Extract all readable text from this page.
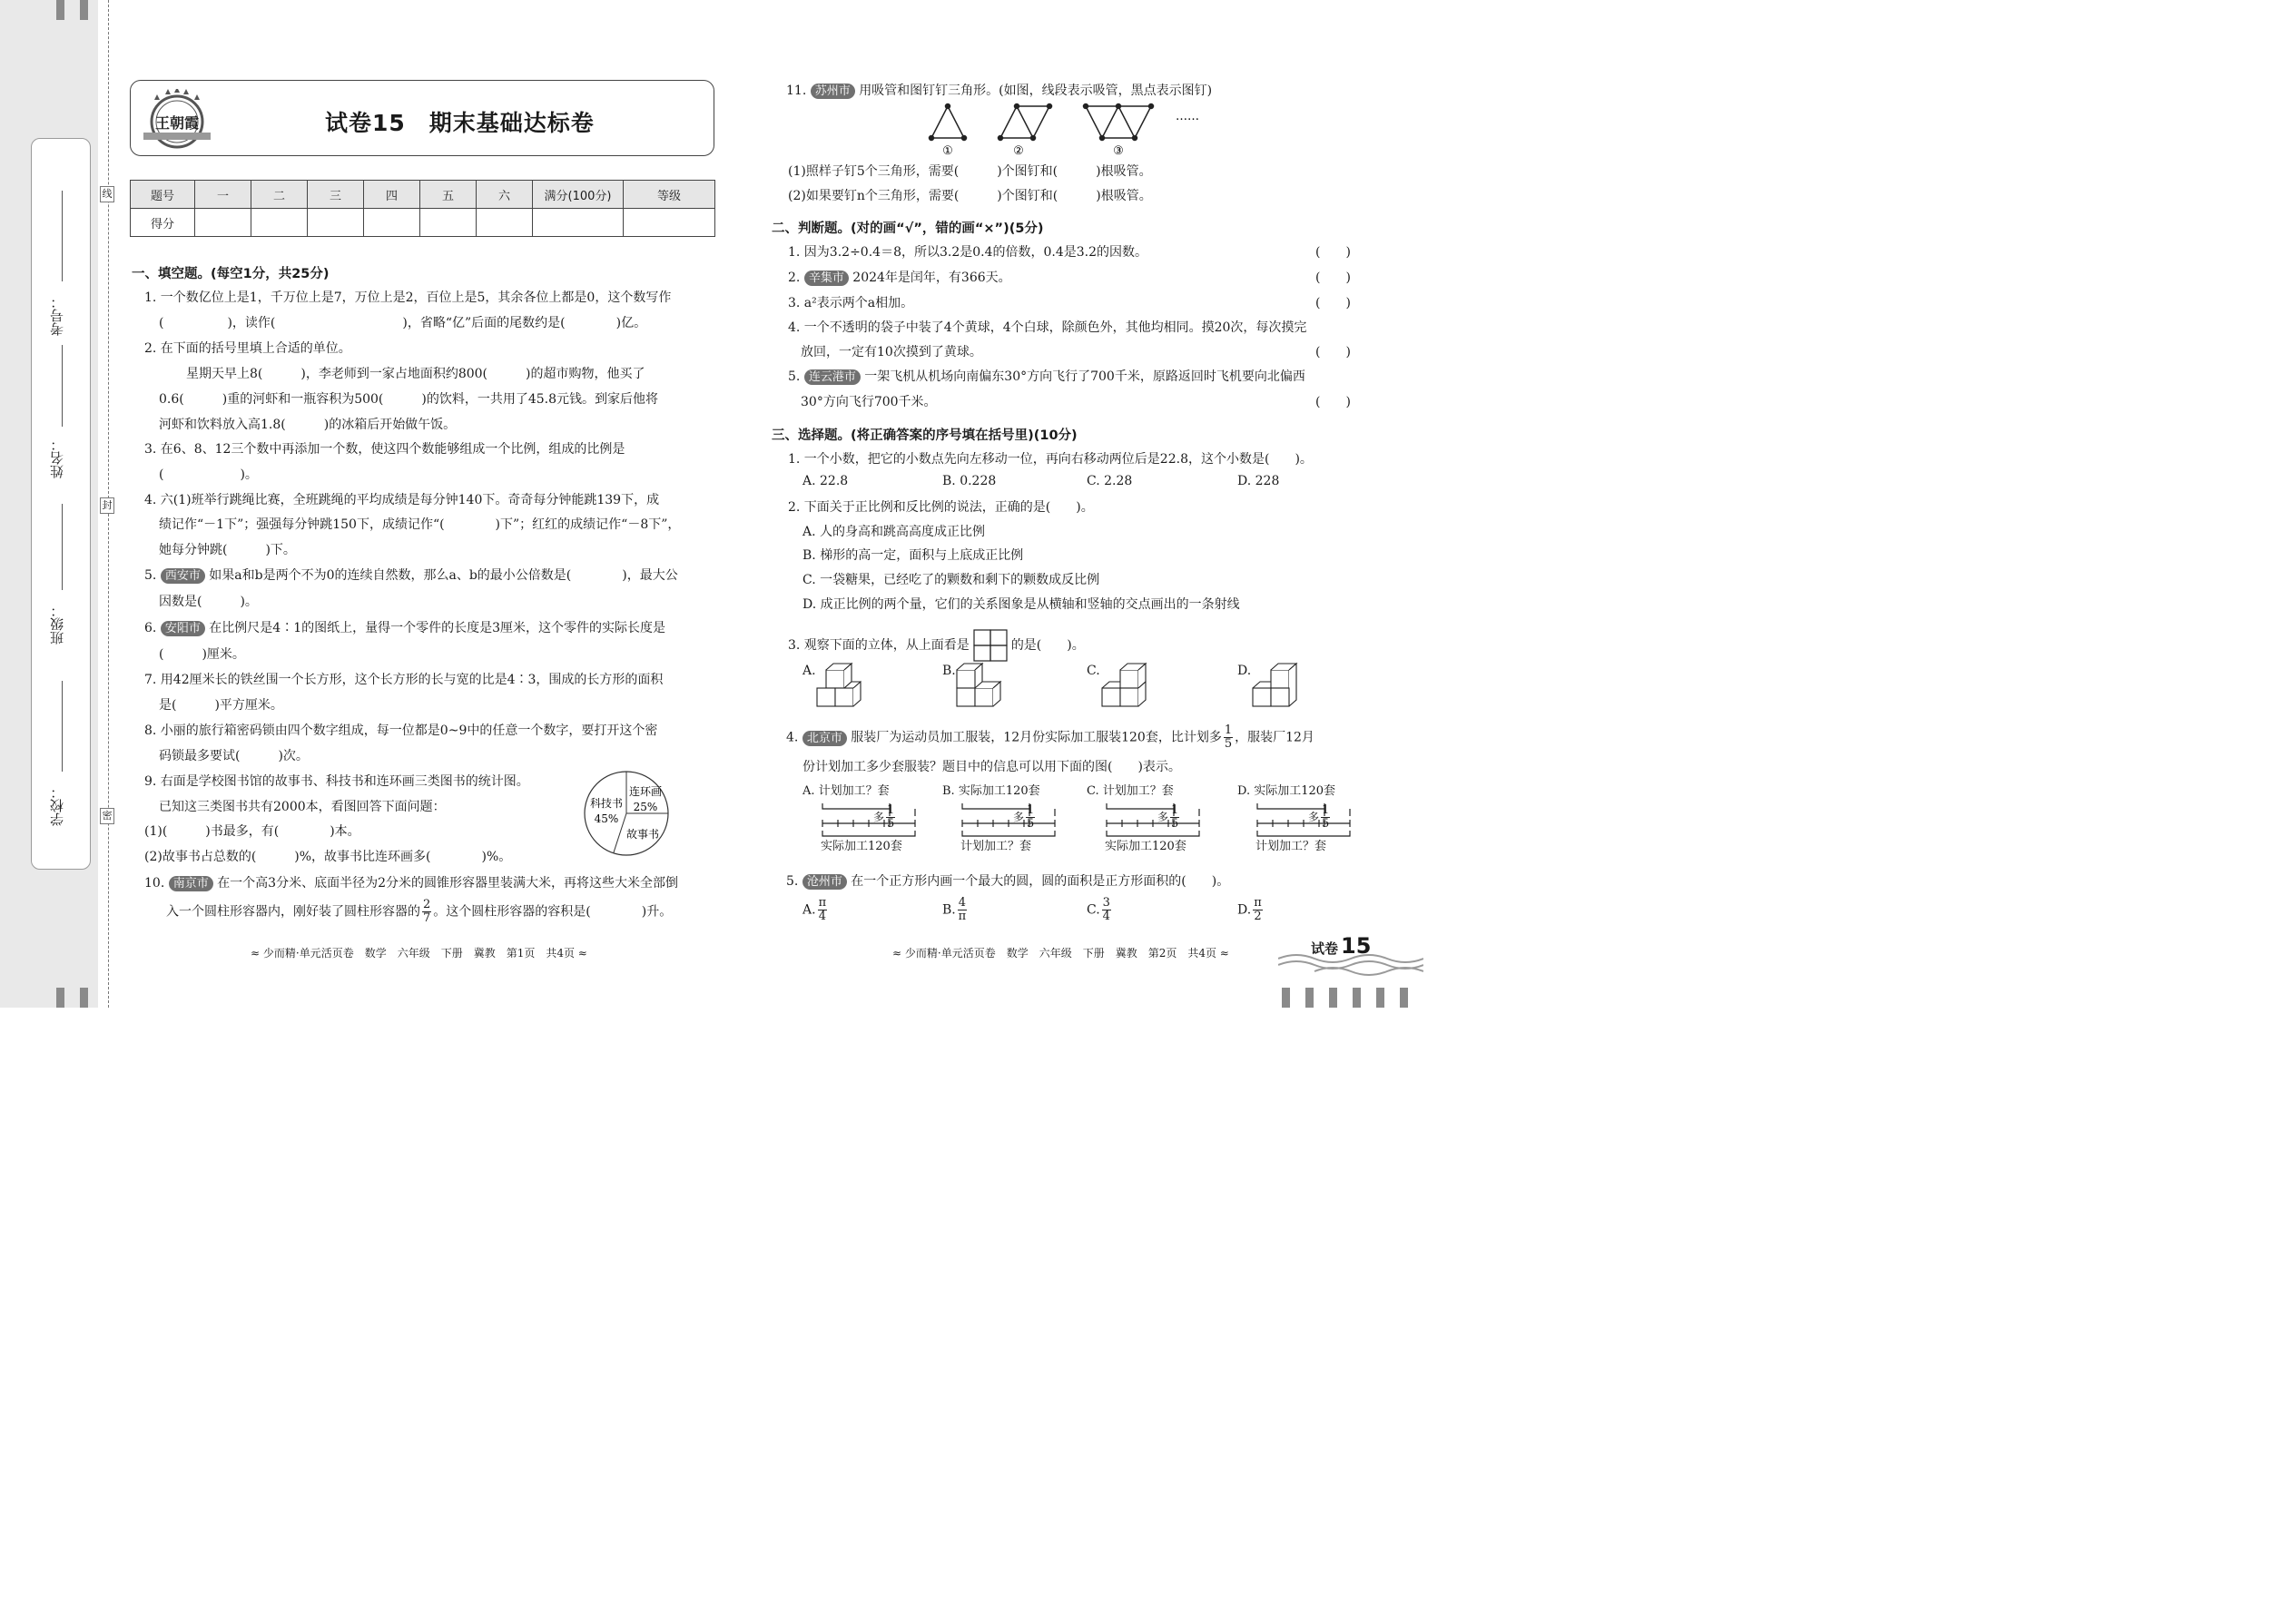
考号：
姓名：
班级：
学校：
线
封
密
王朝霞	试卷15　期末基础达标卷
题号	一	二	三	四	五	六	满分(100分)	等级
得分								
一、填空题。(每空1分，共25分)
1. 一个数亿位上是1，千万位上是7，万位上是2，百位上是5，其余各位上都是0，这个数写作
(　　　　　)，读作(　　　　　　　　　　)，省略“亿”后面的尾数约是(　　　　)亿。
2. 在下面的括号里填上合适的单位。
星期天早上8(　　　)，李老师到一家占地面积约800(　　　)的超市购物，他买了
0.6(　　　)重的河虾和一瓶容积为500(　　　)的饮料，一共用了45.8元钱。到家后他将
河虾和饮料放入高1.8(　　　)的冰箱后开始做午饭。
3. 在6、8、12三个数中再添加一个数，使这四个数能够组成一个比例，组成的比例是
(　　　　　　)。
4. 六(1)班举行跳绳比赛，全班跳绳的平均成绩是每分钟140下。奇奇每分钟能跳139下，成
绩记作“－1下”；强强每分钟跳150下，成绩记作“(　　　　)下”；红红的成绩记作“－8下”，
她每分钟跳(　　　)下。
5. 西安市 如果a和b是两个不为0的连续自然数，那么a、b的最小公倍数是(　　　　)，最大公
因数是(　　　)。
6. 安阳市 在比例尺是4∶1的图纸上，量得一个零件的长度是3厘米，这个零件的实际长度是
(　　　)厘米。
7. 用42厘米长的铁丝围一个长方形，这个长方形的长与宽的比是4∶3，围成的长方形的面积
是(　　　)平方厘米。
8. 小丽的旅行箱密码锁由四个数字组成，每一位都是0~9中的任意一个数字，要打开这个密
码锁最多要试(　　　)次。
9. 右面是学校图书馆的故事书、科技书和连环画三类图书的统计图。
已知这三类图书共有2000本，看图回答下面问题：
(1)(　　　)书最多，有(　　　　)本。
(2)故事书占总数的(　　　)%，故事书比连环画多(　　　　)%。
科技书
45%
连环画
25%
故事书
10. 南京市 在一个高3分米、底面半径为2分米的圆锥形容器里装满大米，再将这些大米全部倒
入一个圆柱形容器内，刚好装了圆柱形容器的 $\frac{2}{7}$ 。这个圆柱形容器的容积是(　　　　)升。
≈ 少而精·单元活页卷　数学　六年级　下册　冀教　第1页　共4页 ≈
11. 苏州市 用吸管和图钉钉三角形。(如图，线段表示吸管，黑点表示图钉)
①	②	③
……
(1)照样子钉5个三角形，需要(　　　)个图钉和(　　　)根吸管。
(2)如果要钉n个三角形，需要(　　　)个图钉和(　　　)根吸管。
二、判断题。(对的画“√”，错的画“×”)(5分)
1. 因为3.2÷0.4＝8，所以3.2是0.4的倍数，0.4是3.2的因数。	(　　)
2. 辛集市 2024年是闰年，有366天。	(　　)
3. a²表示两个a相加。	(　　)
4. 一个不透明的袋子中装了4个黄球，4个白球，除颜色外，其他均相同。摸20次，每次摸完
放回，一定有10次摸到了黄球。	(　　)
5. 连云港市 一架飞机从机场向南偏东30°方向飞行了700千米，原路返回时飞机要向北偏西
30°方向飞行700千米。	(　　)
三、选择题。(将正确答案的序号填在括号里)(10分)
1. 一个小数，把它的小数点先向左移动一位，再向右移动两位后是22.8，这个小数是(　　)。
A. 22.8	B. 0.228	C. 2.28	D. 228
2. 下面关于正比例和反比例的说法，正确的是(　　)。
A. 人的身高和跳高高度成正比例
B. 梯形的高一定，面积与上底成正比例
C. 一袋糖果，已经吃了的颗数和剩下的颗数成反比例
D. 成正比例的两个量，它们的关系图象是从横轴和竖轴的交点画出的一条射线
3. 观察下面的立体，从上面看是	的是(　　)。
A.	B.	C.	D.
4. 北京市 服装厂为运动员加工服装，12月份实际加工服装120套，比计划多 $\frac{1}{5}$ ，服装厂12月
份计划加工多少套服装？题目中的信息可以用下面的图(　　)表示。
A. 计划加工？套
多 $\frac{1}{5}$
实际加工120套
B. 实际加工120套
多 $\frac{1}{5}$
计划加工？套
C. 计划加工？套
多 $\frac{1}{5}$
实际加工120套
D. 实际加工120套
多 $\frac{1}{5}$
计划加工？套
5. 沧州市 在一个正方形内画一个最大的圆，圆的面积是正方形面积的(　　)。
A. $\frac{\pi}{4}$	B. $\frac{4}{\pi}$	C. $\frac{3}{4}$	D. $\frac{\pi}{2}$
≈ 少而精·单元活页卷　数学　六年级　下册　冀教　第2页　共4页 ≈	试卷 15
